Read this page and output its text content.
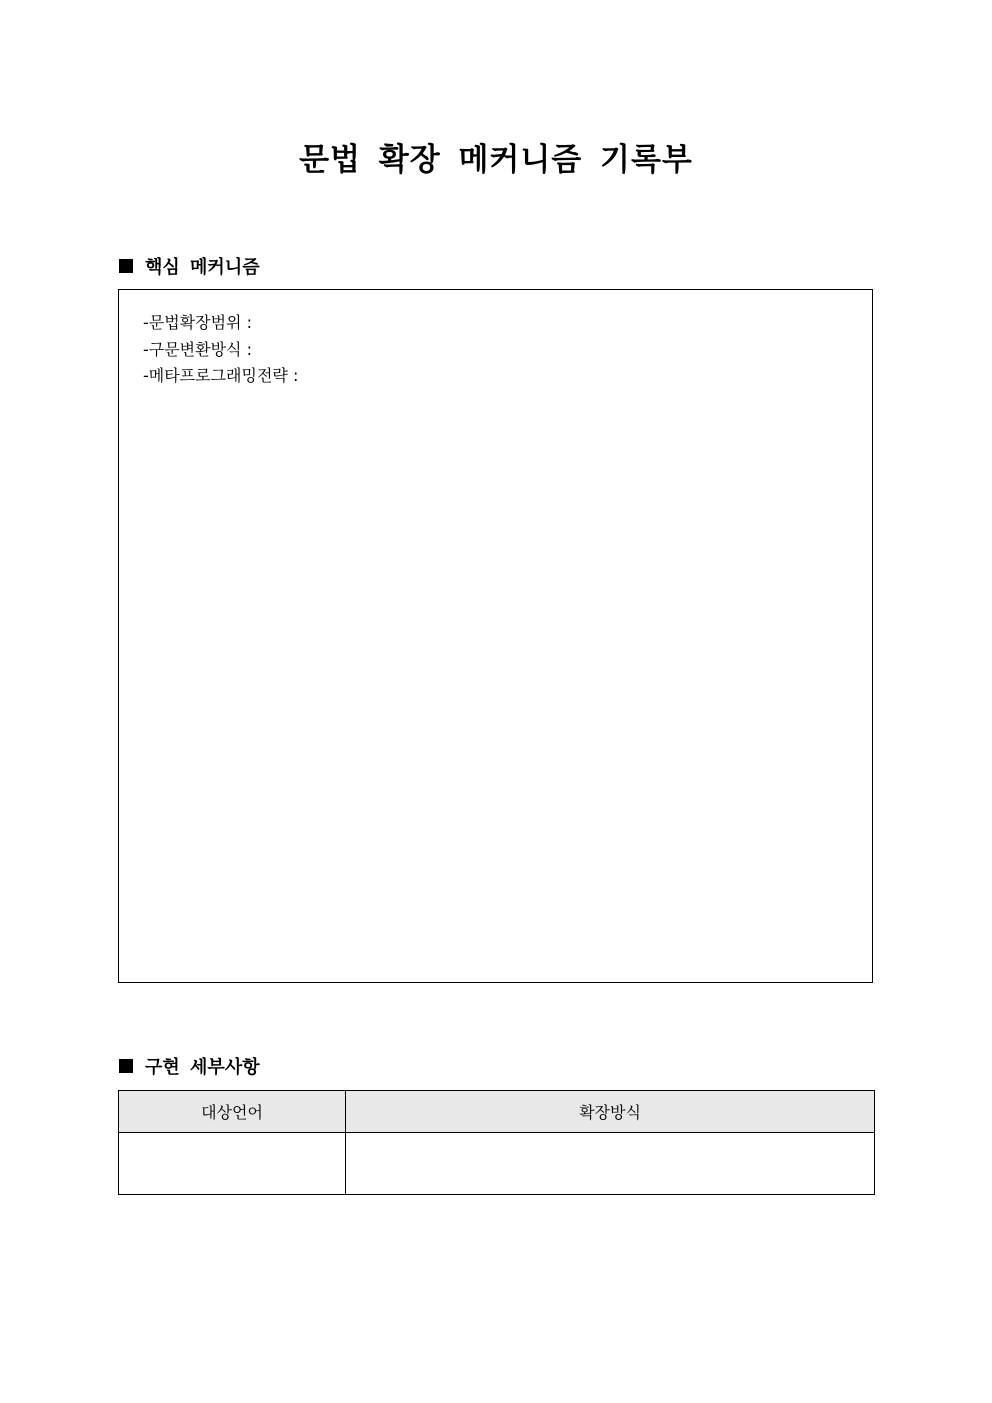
문법 확장 메커니즘 기록부
핵심 메커니즘
-문법확장범위 :
-구문변환방식 :
-메타프로그래밍전략 :
구현 세부사항
대상언어	확장방식
